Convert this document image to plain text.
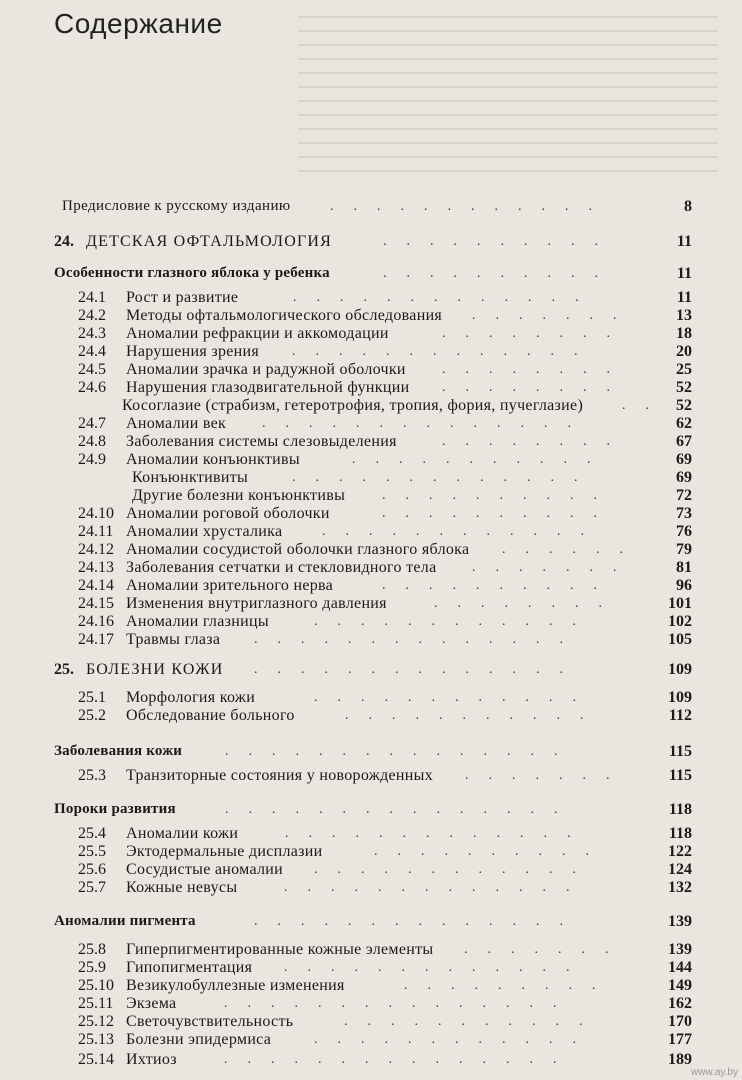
Содержание
Предисловие к русскому изданию	8
............
24. ДЕТСКАЯ ОФТАЛЬМОЛОГИЯ	11
..........
Особенности глазного яблока у ребенка	11
..........
24.1 Рост и развитие	11
.............
24.2 Методы офтальмологического обследования	13
.......
24.3 Аномалии рефракции и аккомодации	18
........
24.4 Нарушения зрения	20
.............
24.5 Аномалии зрачка и радужной оболочки	25
........
24.6 Нарушения глазодвигательной функции	52
........
Косоглазие (страбизм, гетеротрофия, тропия, фория, пучеглазие)	52
..
24.7 Аномалии век	62
..............
24.8 Заболевания системы слезовыделения	67
........
24.9 Аномалии конъюнктивы	69
...........
Конъюнктивиты	69
.............
Другие болезни конъюнктивы	72
..........
24.10 Аномалии роговой оболочки	73
..........
24.11 Аномалии хрусталика	76
............
24.12 Аномалии сосудистой оболочки глазного яблока	79
......
24.13 Заболевания сетчатки и стекловидного тела	81
.......
24.14 Аномалии зрительного нерва	96
..........
24.15 Изменения внутриглазного давления	101
........
24.16 Аномалии глазницы	102
............
24.17 Травмы глаза	105
..............
25. БОЛЕЗНИ КОЖИ	109
..............
25.1 Морфология кожи	109
............
25.2 Обследование больного	112
...........
Заболевания кожи	115
...............
25.3 Транзиторные состояния у новорожденных	115
.......
Пороки развития	118
...............
25.4 Аномалии кожи	118
.............
25.5 Эктодермальные дисплазии	122
..........
25.6 Сосудистые аномалии	124
............
25.7 Кожные невусы	132
.............
Аномалии пигмента	139
..............
25.8 Гиперпигментированные кожные элементы	139
.......
25.9 Гипопигментация	144
.............
25.10 Везикулобуллезные изменения	149
.........
25.11 Экзема	162
...............
25.12 Светочувствительность	170
...........
25.13 Болезни эпидермиса	177
............
25.14 Ихтиоз	189
...............
www.ay.by
